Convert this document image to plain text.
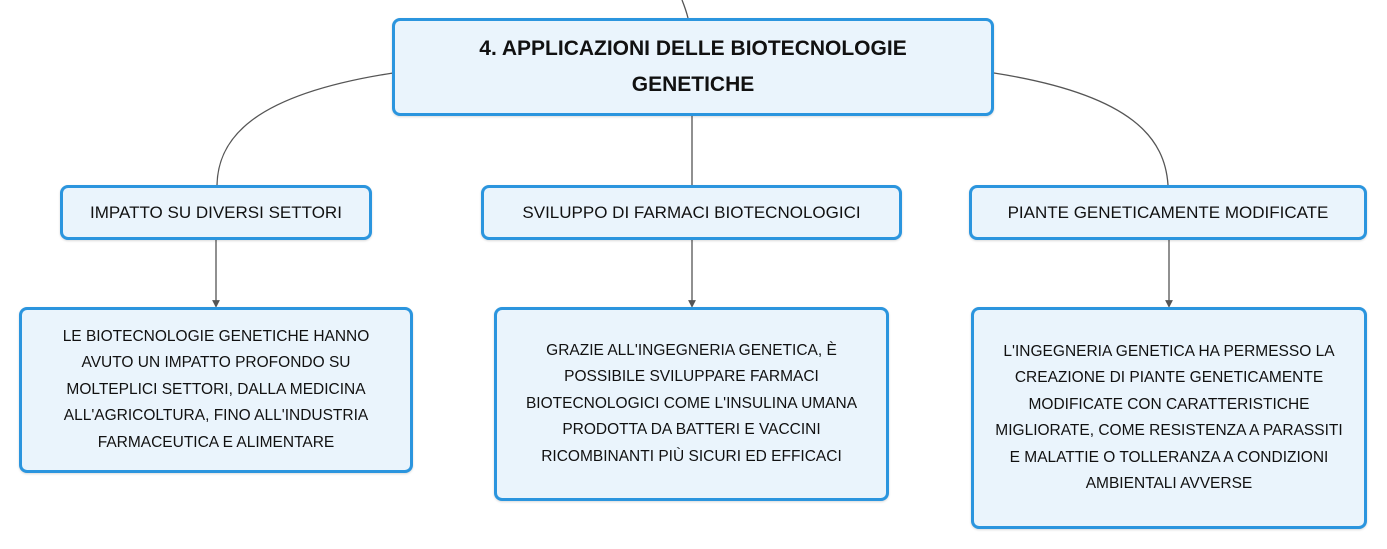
4. APPLICAZIONI DELLE BIOTECNOLOGIE GENETICHE
IMPATTO SU DIVERSI SETTORI	SVILUPPO DI FARMACI BIOTECNOLOGICI	PIANTE GENETICAMENTE MODIFICATE
LE BIOTECNOLOGIE GENETICHE HANNO AVUTO UN IMPATTO PROFONDO SU MOLTEPLICI SETTORI, DALLA MEDICINA ALL'AGRICOLTURA, FINO ALL'INDUSTRIA FARMACEUTICA E ALIMENTARE
GRAZIE ALL'INGEGNERIA GENETICA, È POSSIBILE SVILUPPARE FARMACI BIOTECNOLOGICI COME L'INSULINA UMANA PRODOTTA DA BATTERI E VACCINI RICOMBINANTI PIÙ SICURI ED EFFICACI
L'INGEGNERIA GENETICA HA PERMESSO LA CREAZIONE DI PIANTE GENETICAMENTE MODIFICATE CON CARATTERISTICHE MIGLIORATE, COME RESISTENZA A PARASSITI E MALATTIE O TOLLERANZA A CONDIZIONI AMBIENTALI AVVERSE
